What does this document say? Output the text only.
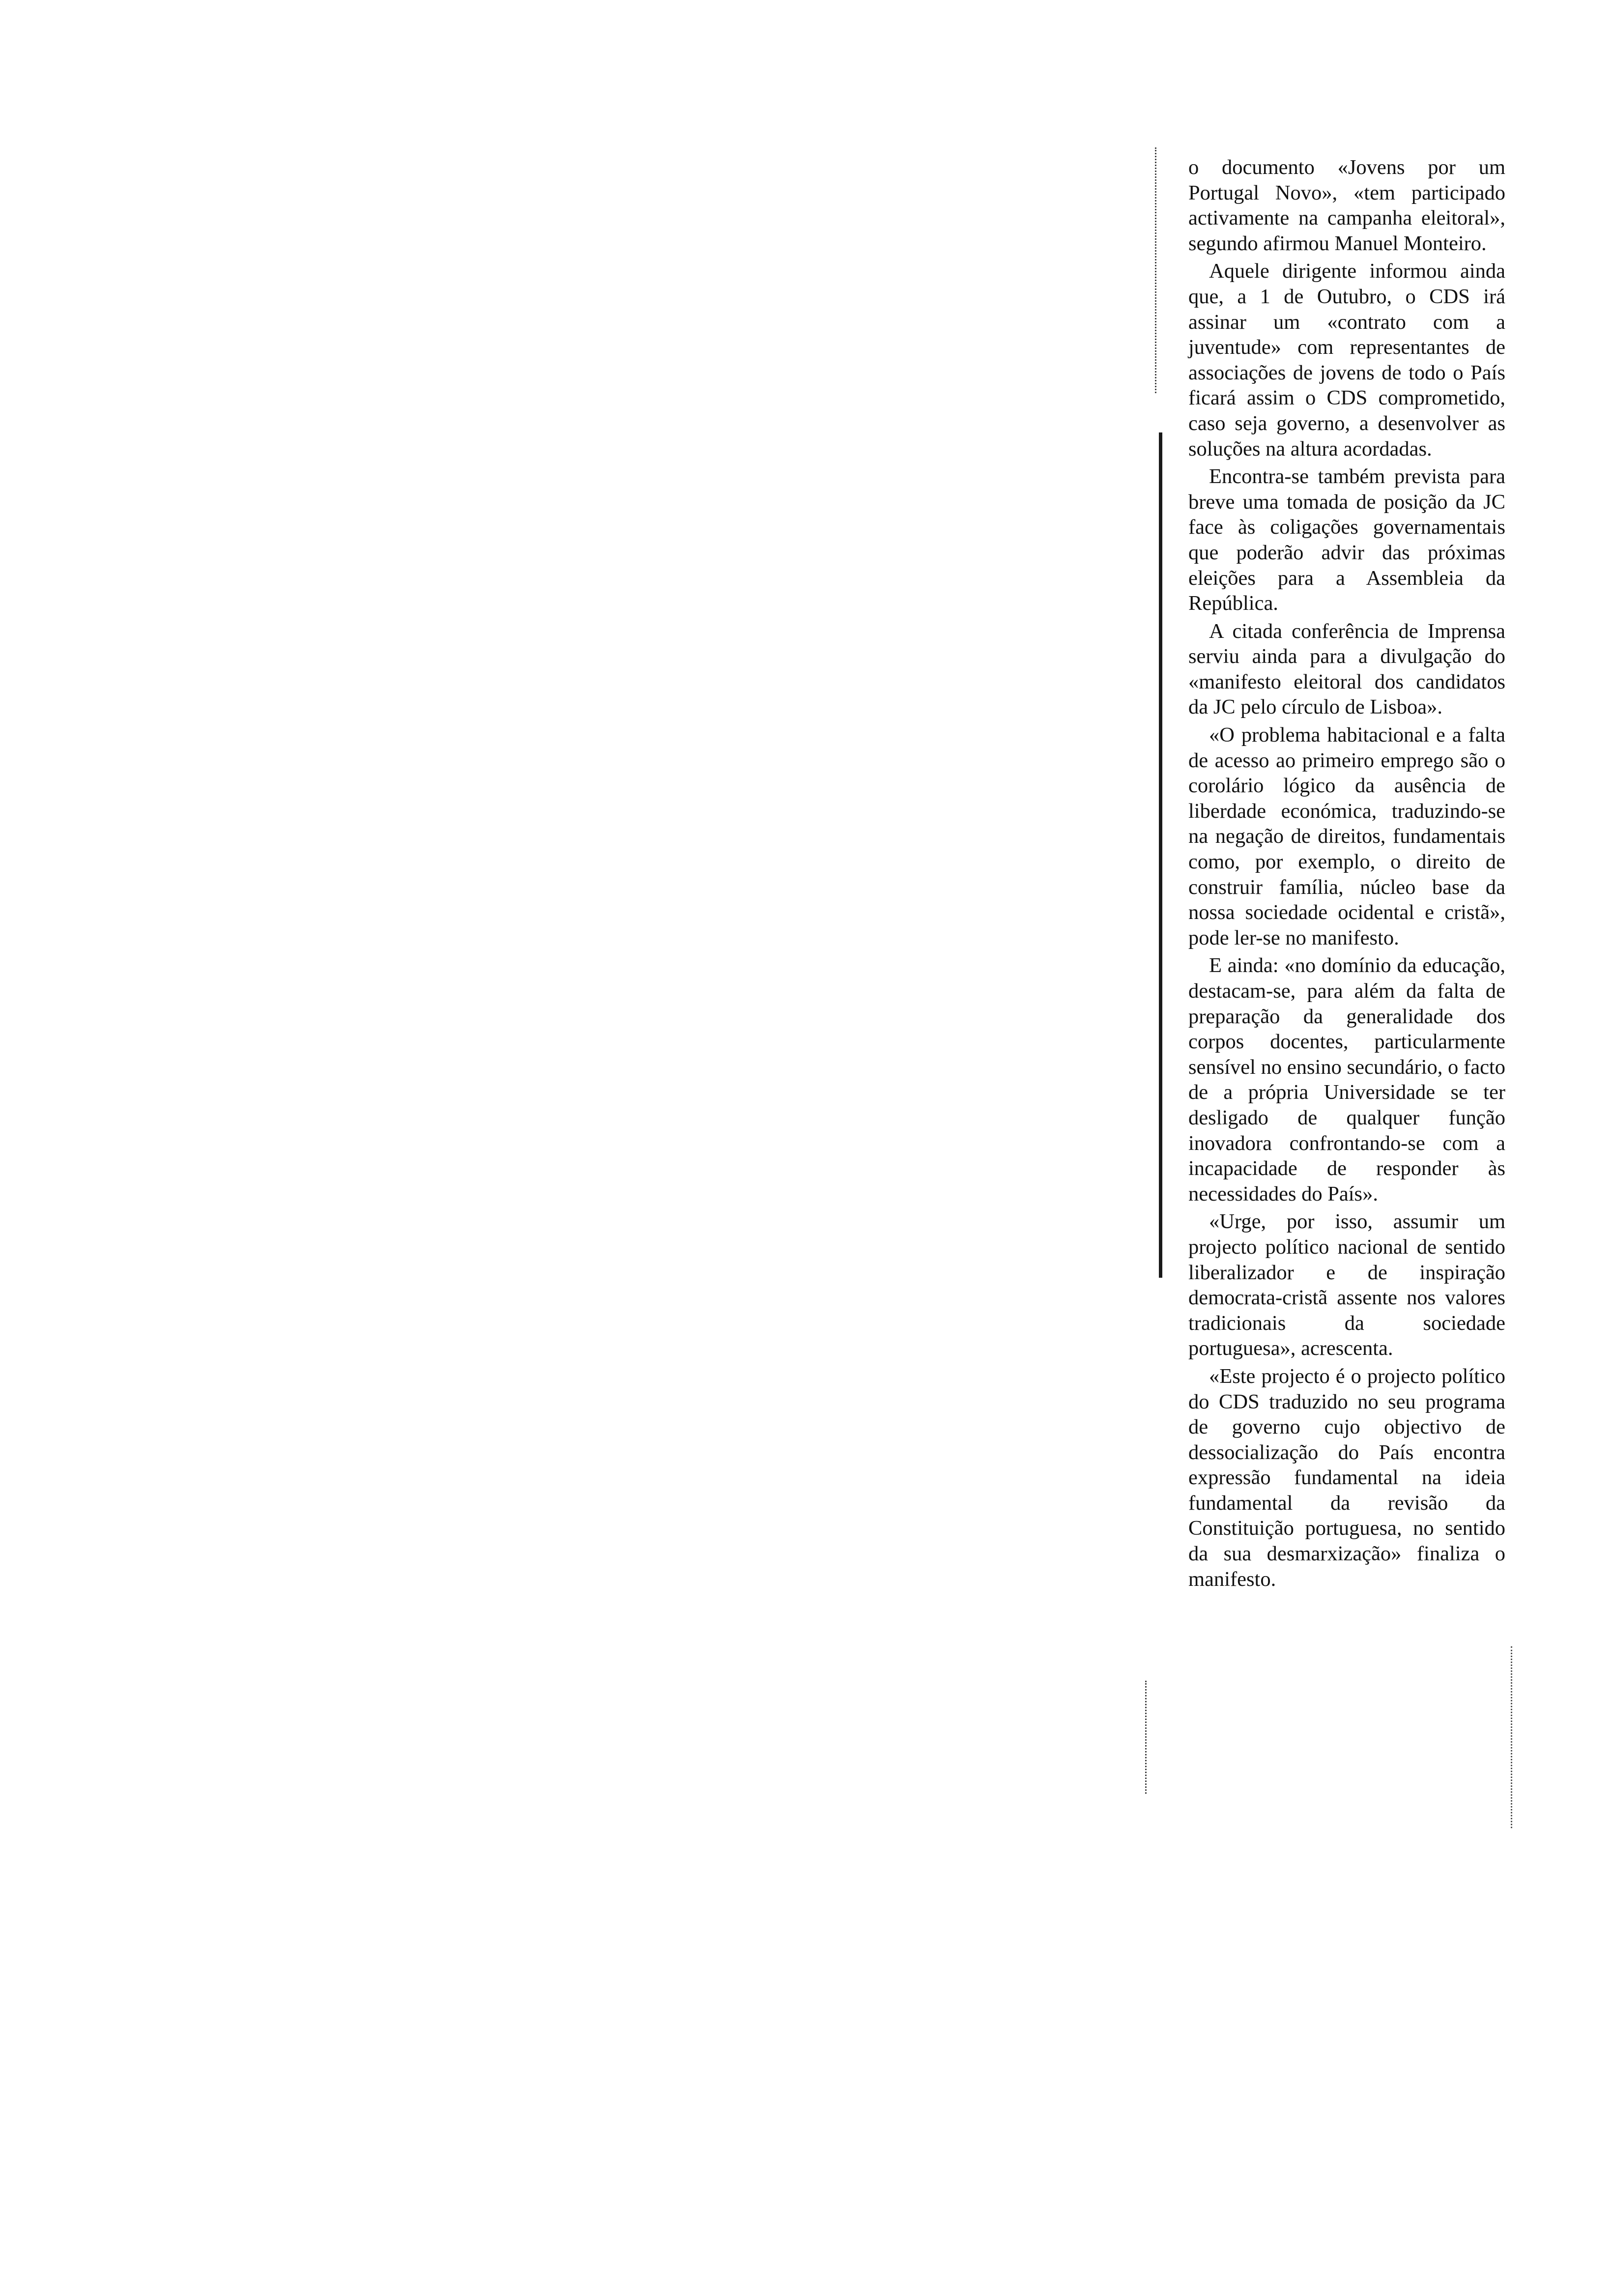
o documento «Jovens por um Portugal Novo», «tem participado activamente na campanha eleitoral», segundo afirmou Manuel Monteiro.

Aquele dirigente informou ainda que, a 1 de Outubro, o CDS irá assinar um «contrato com a juventude» com representantes de associações de jovens de todo o País ficará assim o CDS comprometido, caso seja governo, a desenvolver as soluções na altura acordadas.

Encontra-se também prevista para breve uma tomada de posição da JC face às coligações governamentais que poderão advir das próximas eleições para a Assembleia da República.

A citada conferência de Imprensa serviu ainda para a divulgação do «manifesto eleitoral dos candidatos da JC pelo círculo de Lisboa».

«O problema habitacional e a falta de acesso ao primeiro emprego são o corolário lógico da ausência de liberdade económica, traduzindo-se na negação de direitos, fundamentais como, por exemplo, o direito de construir família, núcleo base da nossa sociedade ocidental e cristã», pode ler-se no manifesto.

E ainda: «no domínio da educação, destacam-se, para além da falta de preparação da generalidade dos corpos docentes, particularmente sensível no ensino secundário, o facto de a própria Universidade se ter desligado de qualquer função inovadora confrontando-se com a incapacidade de responder às necessidades do País».

«Urge, por isso, assumir um projecto político nacional de sentido liberalizador e de inspiração democrata-cristã assente nos valores tradicionais da sociedade portuguesa», acrescenta.

«Este projecto é o projecto político do CDS traduzido no seu programa de governo cujo objectivo de dessocialização do País encontra expressão fundamental na ideia fundamental da revisão da Constituição portuguesa, no sentido da sua desmarxização» finaliza o manifesto.
